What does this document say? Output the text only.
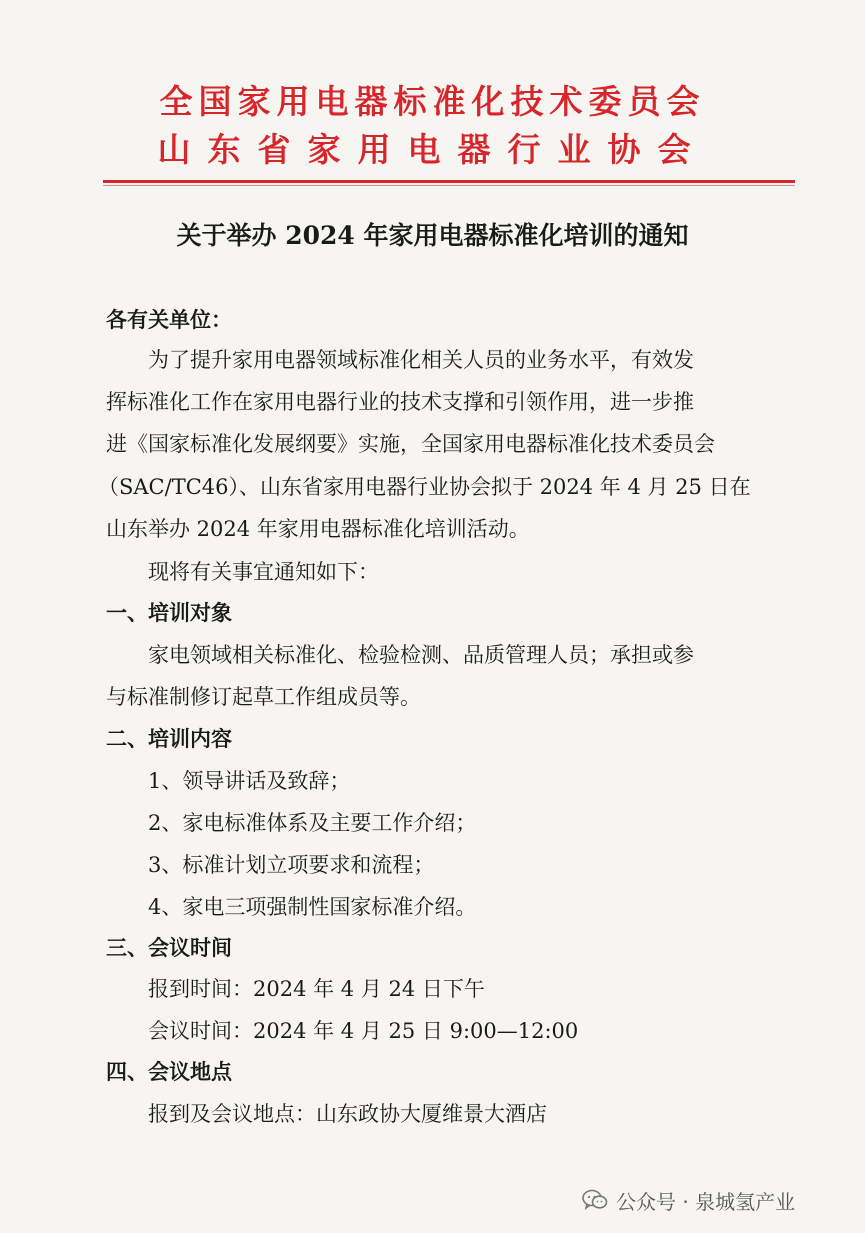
全国家用电器标准化技术委员会
山东省家用电器行业协会
关于举办 2024 年家用电器标准化培训的通知
各有关单位：
为了提升家用电器领域标准化相关人员的业务水平，有效发
挥标准化工作在家用电器行业的技术支撑和引领作用，进一步推
进《国家标准化发展纲要》实施，全国家用电器标准化技术委员会
（SAC/TC46）、山东省家用电器行业协会拟于 2024 年 4 月 25 日在
山东举办 2024 年家用电器标准化培训活动。
现将有关事宜通知如下：
一、培训对象
家电领域相关标准化、检验检测、品质管理人员；承担或参
与标准制修订起草工作组成员等。
二、培训内容
1、领导讲话及致辞；
2、家电标准体系及主要工作介绍；
3、标准计划立项要求和流程；
4、家电三项强制性国家标准介绍。
三、会议时间
报到时间：2024 年 4 月 24 日下午
会议时间：2024 年 4 月 25 日 9:00—12:00
四、会议地点
报到及会议地点：山东政协大厦维景大酒店
公众号 · 泉城氢产业
